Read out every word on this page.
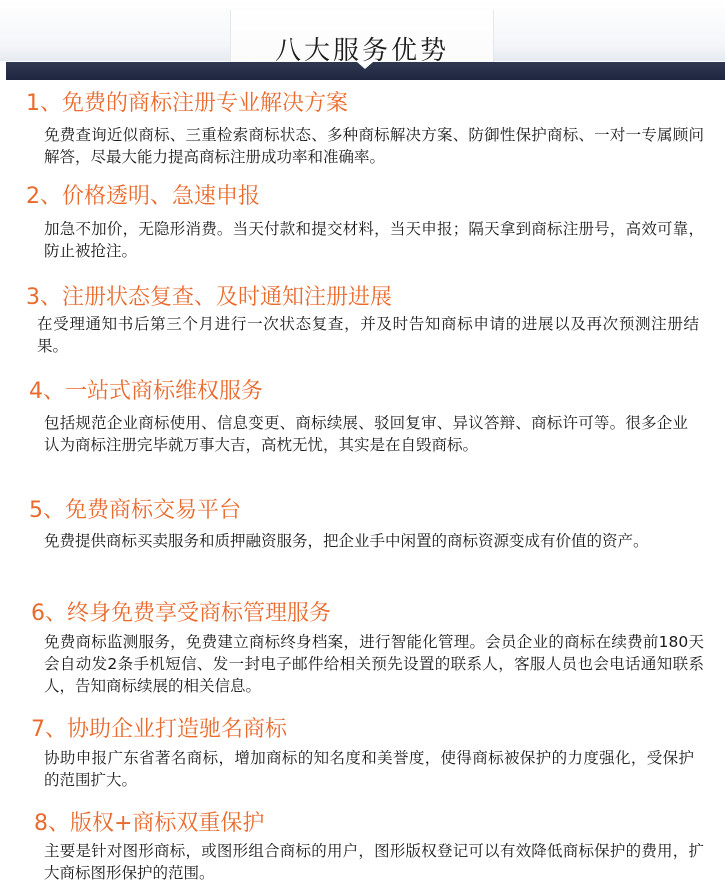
八大服务优势
1、免费的商标注册专业解决方案

免费查询近似商标、三重检索商标状态、多种商标解决方案、防御性保护商标、一对一专属顾问解答，尽最大能力提高商标注册成功率和准确率。

2、价格透明、急速申报

加急不加价，无隐形消费。当天付款和提交材料，当天申报；隔天拿到商标注册号，高效可靠，防止被抢注。

3、注册状态复查、及时通知注册进展

在受理通知书后第三个月进行一次状态复查，并及时告知商标申请的进展以及再次预测注册结果。

4、一站式商标维权服务

包括规范企业商标使用、信息变更、商标续展、驳回复审、异议答辩、商标许可等。很多企业认为商标注册完毕就万事大吉，高枕无忧，其实是在自毁商标。

5、免费商标交易平台

免费提供商标买卖服务和质押融资服务，把企业手中闲置的商标资源变成有价值的资产。

6、终身免费享受商标管理服务

免费商标监测服务，免费建立商标终身档案，进行智能化管理。会员企业的商标在续费前180天会自动发2条手机短信、发一封电子邮件给相关预先设置的联系人，客服人员也会电话通知联系人，告知商标续展的相关信息。

7、协助企业打造驰名商标

协助申报广东省著名商标，增加商标的知名度和美誉度，使得商标被保护的力度强化，受保护的范围扩大。

8、版权+商标双重保护

主要是针对图形商标，或图形组合商标的用户，图形版权登记可以有效降低商标保护的费用，扩大商标图形保护的范围。
